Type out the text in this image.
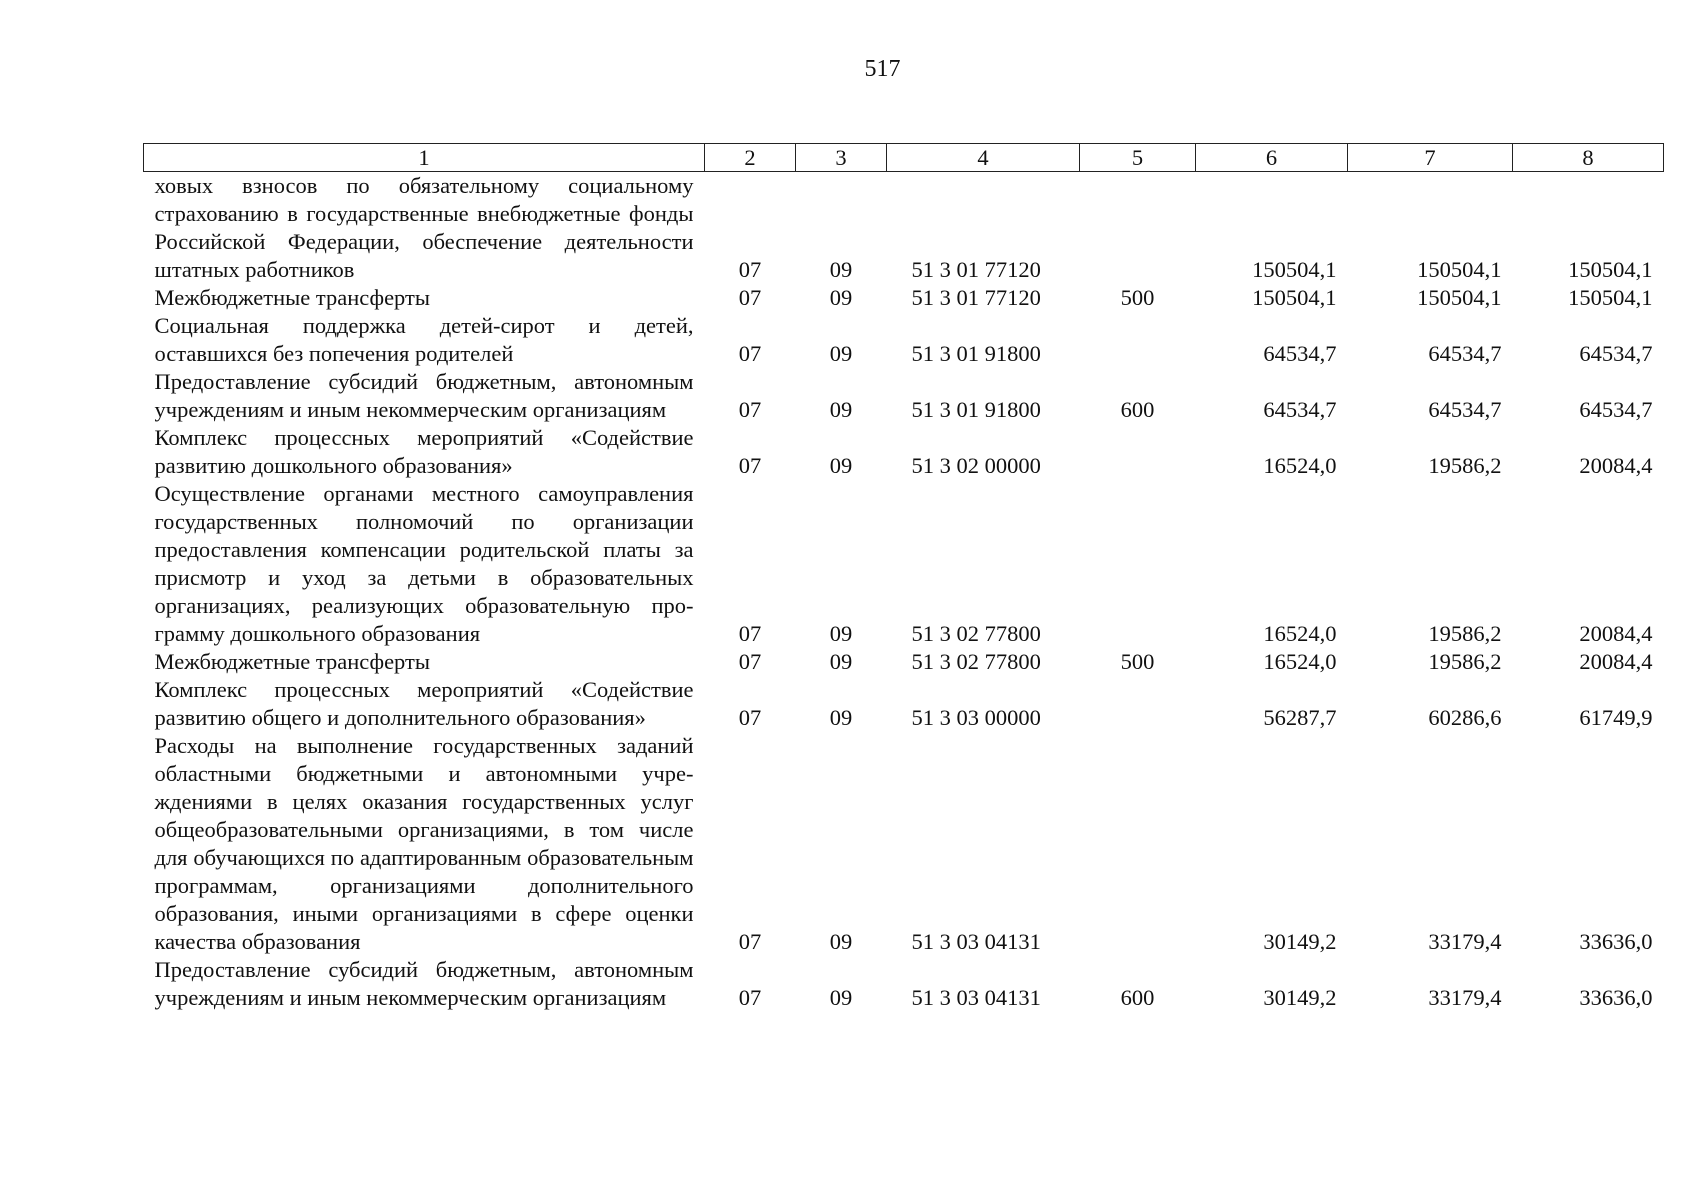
517
1	2	3	4	5	6	7	8
ховых взносов по обязательному социальному страхованию в государственные внебюджетные фонды Российской Федерации, обеспечение деятельности штатных работников	07	09	51 3 01 77120		150504,1	150504,1	150504,1
Межбюджетные трансферты	07	09	51 3 01 77120	500	150504,1	150504,1	150504,1
Социальная поддержка детей-сирот и детей, оставшихся без попечения родителей	07	09	51 3 01 91800		64534,7	64534,7	64534,7
Предоставление субсидий бюджетным, автономным учреждениям и иным некоммерческим организациям	07	09	51 3 01 91800	600	64534,7	64534,7	64534,7
Комплекс процессных мероприятий «Содействие развитию дошкольного образования»	07	09	51 3 02 00000		16524,0	19586,2	20084,4
Осуществление органами местного самоуправления государственных полномочий по организации предоставления компенсации родительской платы за присмотр и уход за детьми в образовательных организациях, реализующих образовательную программу дошкольного образования	07	09	51 3 02 77800		16524,0	19586,2	20084,4
Межбюджетные трансферты	07	09	51 3 02 77800	500	16524,0	19586,2	20084,4
Комплекс процессных мероприятий «Содействие развитию общего и дополнительного образования»	07	09	51 3 03 00000		56287,7	60286,6	61749,9
Расходы на выполнение государственных заданий областными бюджетными и автономными учреждениями в целях оказания государственных услуг общеобразовательными организациями, в том числе для обучающихся по адаптированным образовательным программам, организациями дополнительного образования, иными организациями в сфере оценки качества образования	07	09	51 3 03 04131		30149,2	33179,4	33636,0
Предоставление субсидий бюджетным, автономным учреждениям и иным некоммерческим организациям	07	09	51 3 03 04131	600	30149,2	33179,4	33636,0
